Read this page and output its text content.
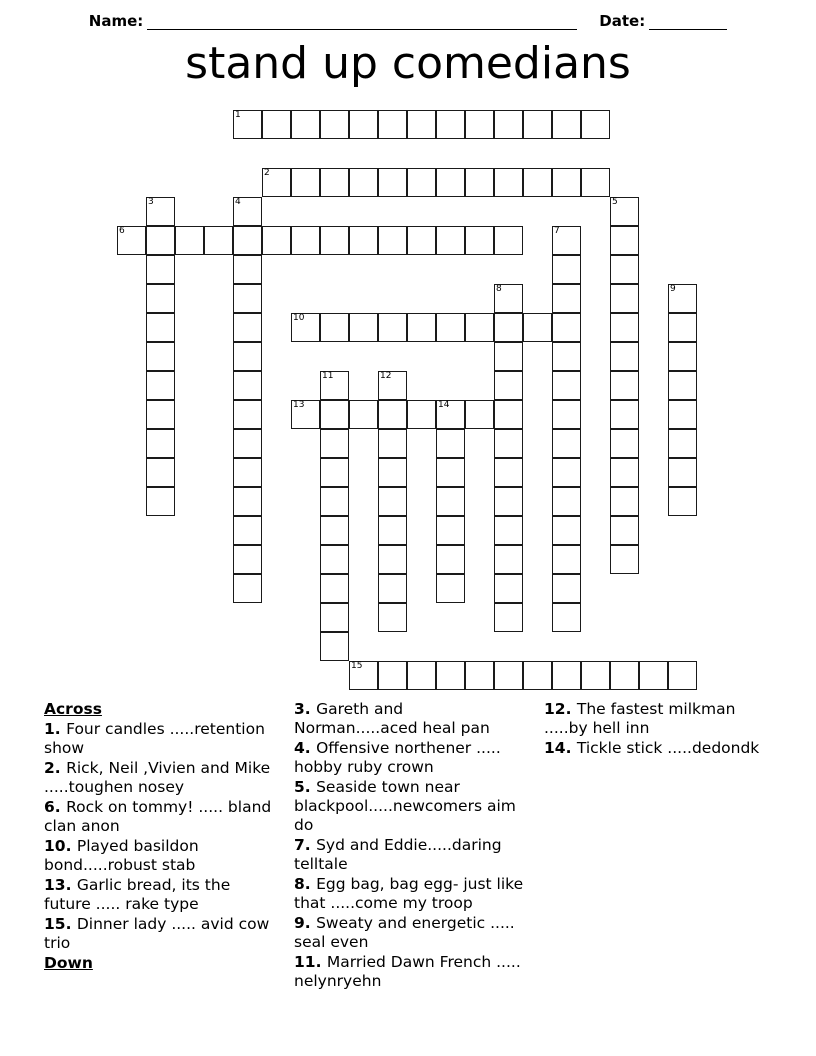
Name:	Date:
stand up comedians
1
2
3	4	5
6	7
8	9
10
11	12
13	14
15
Across
1. Four candles .....retention show
2. Rick, Neil ,Vivien and Mike .....toughen nosey
6. Rock on tommy! ..... bland clan anon
10. Played basildon bond.....robust stab
13. Garlic bread, its the future ..... rake type
15. Dinner lady ..... avid cow trio
Down
3. Gareth and Norman.....aced heal pan
4. Offensive northener ..... hobby ruby crown
5. Seaside town near blackpool.....newcomers aim do
7. Syd and Eddie.....daring telltale
8. Egg bag, bag egg- just like that .....come my troop
9. Sweaty and energetic ..... seal even
11. Married Dawn French ..... nelynryehn
12. The fastest milkman .....by hell inn
14. Tickle stick .....dedondk
